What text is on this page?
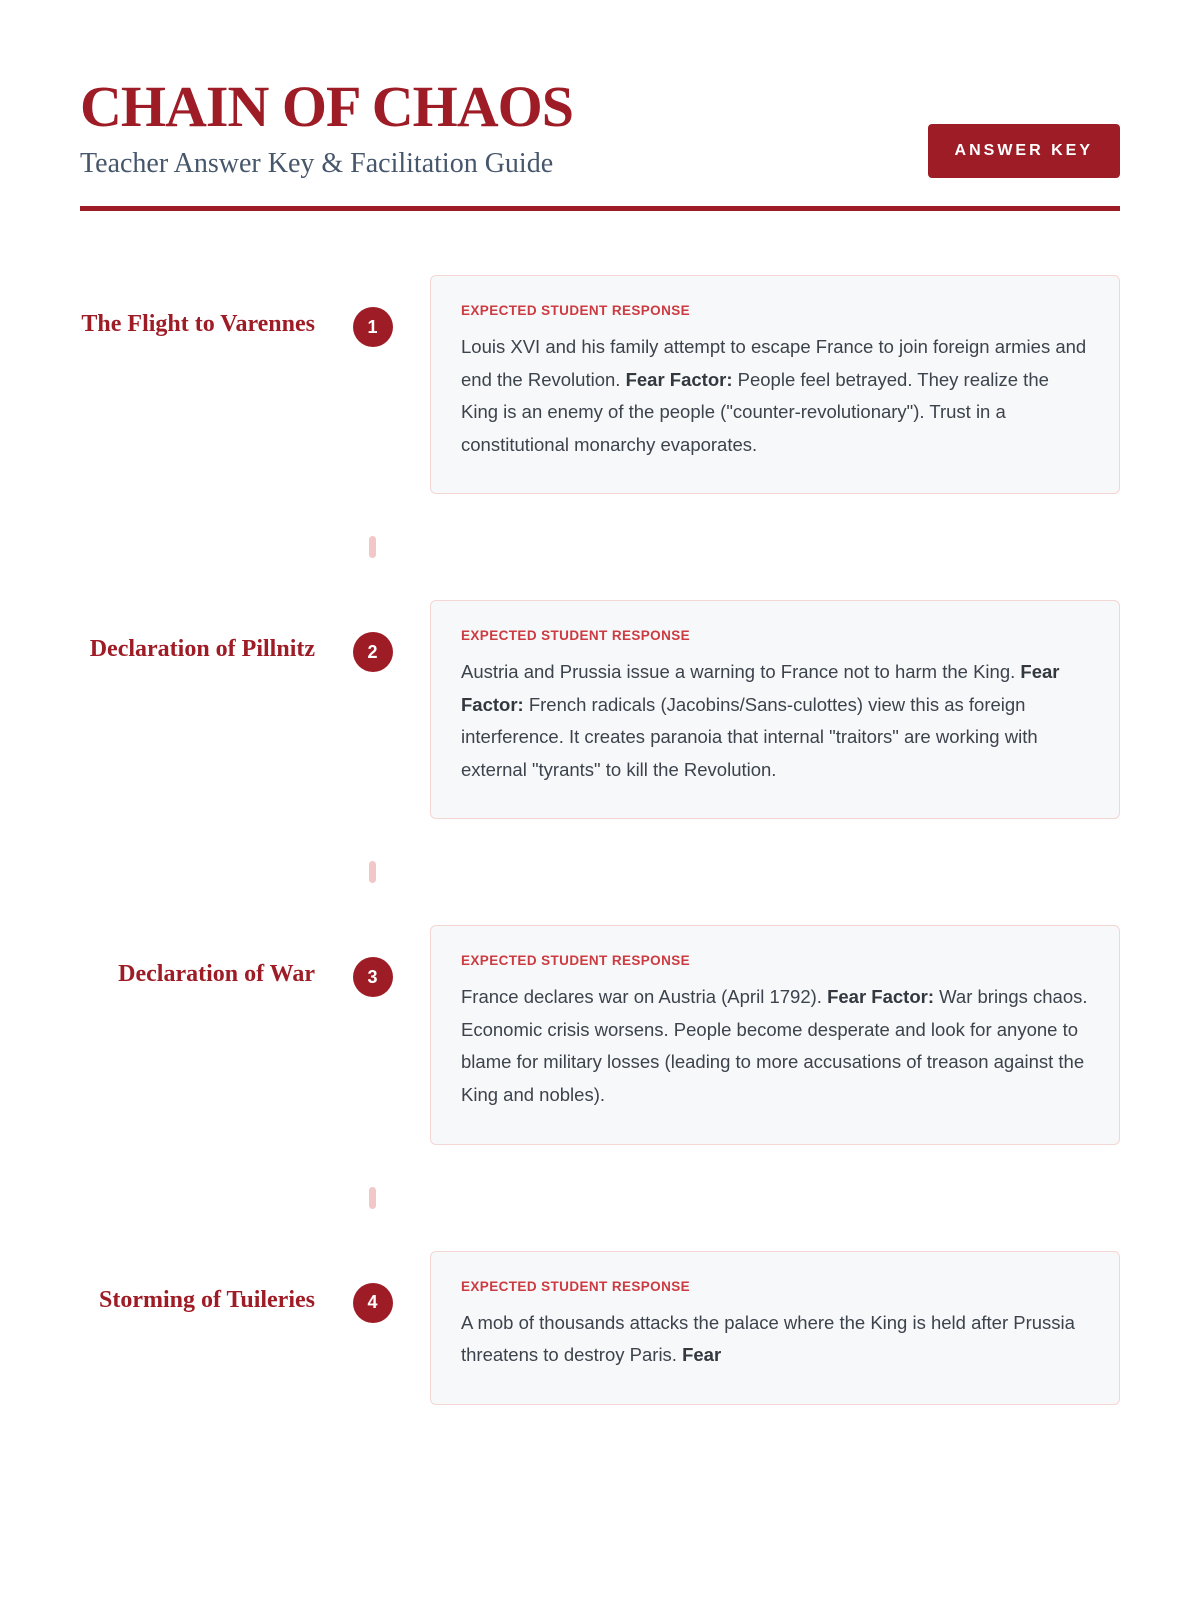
CHAIN OF CHAOS
Teacher Answer Key & Facilitation Guide	ANSWER KEY
The Flight to Varennes	1
EXPECTED STUDENT RESPONSE

Louis XVI and his family attempt to escape France to join foreign armies and end the Revolution. Fear Factor: People feel betrayed. They realize the King is an enemy of the people ("counter-revolutionary"). Trust in a constitutional monarchy evaporates.

Declaration of Pillnitz	2
EXPECTED STUDENT RESPONSE

Austria and Prussia issue a warning to France not to harm the King. Fear Factor: French radicals (Jacobins/Sans-culottes) view this as foreign interference. It creates paranoia that internal "traitors" are working with external "tyrants" to kill the Revolution.

Declaration of War	3
EXPECTED STUDENT RESPONSE

France declares war on Austria (April 1792). Fear Factor: War brings chaos. Economic crisis worsens. People become desperate and look for anyone to blame for military losses (leading to more accusations of treason against the King and nobles).

Storming of Tuileries	4
EXPECTED STUDENT RESPONSE

A mob of thousands attacks the palace where the King is held after Prussia threatens to destroy Paris. Fear
